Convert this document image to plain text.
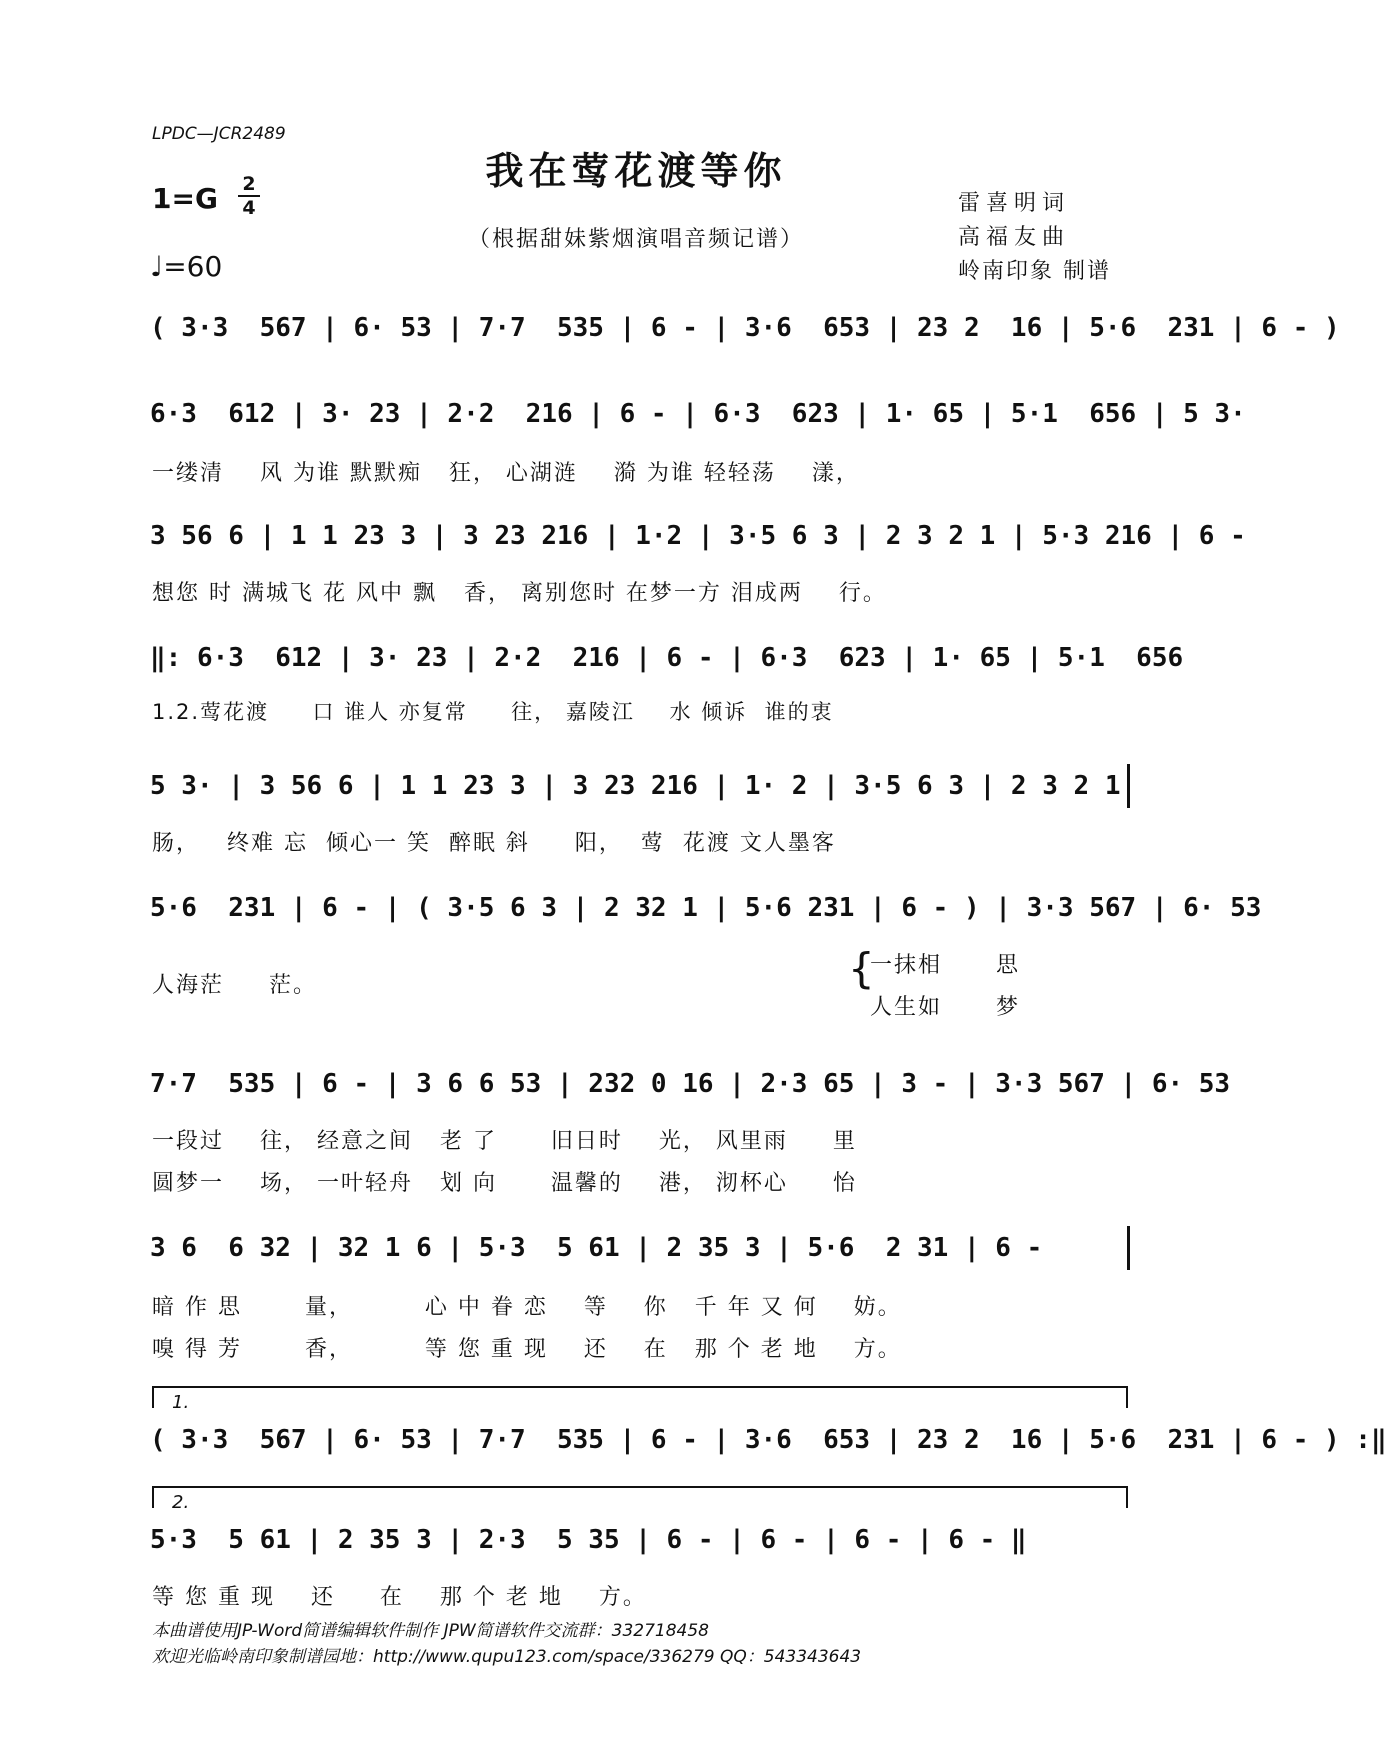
LPDC—JCR2489
我在莺花渡等你
1=G 2
4
♩=60
（根据甜妹紫烟演唱音频记谱）
雷喜明词
高福友曲
岭南印象 制谱
( 3·3  567 | 6· 53 | 7·7  535 | 6 - | 3·6  653 | 23 2  16 | 5·6  231 | 6 - )
6·3  612 | 3· 23 | 2·2  216 | 6 - | 6·3  623 | 1· 65 | 5·1  656 | 5 3·
一缕清    风 为谁 默默痴   狂， 心湖涟    漪 为谁 轻轻荡    漾，
3 56 6 | 1 1 23 3 | 3 23 216 | 1·2 | 3·5 6 3 | 2 3 2 1 | 5·3 216 | 6 -
想您 时 满城飞 花 风中 飘   香， 离别您时 在梦一方 泪成两    行。
‖: 6·3  612 | 3· 23 | 2·2  216 | 6 - | 6·3  623 | 1· 65 | 5·1  656
1.2.莺花渡     口 谁人 亦复常     往， 嘉陵江    水 倾诉  谁的衷
5 3· | 3 56 6 | 1 1 23 3 | 3 23 216 | 1· 2 | 3·5 6 3 | 2 3 2 1
肠，   终难 忘  倾心一 笑  醉眠 斜     阳，  莺  花渡 文人墨客
5·6  231 | 6 - | ( 3·5 6 3 | 2 32 1 | 5·6 231 | 6 - ) | 3·3 567 | 6· 53
人海茫     茫。	{
一抹相      思
人生如      梦
7·7  535 | 6 - | 3 6 6 53 | 232 0 16 | 2·3 65 | 3 - | 3·3 567 | 6· 53
一段过    往， 经意之间   老 了      旧日时    光， 风里雨     里
圆梦一    场， 一叶轻舟   划 向      温馨的    港， 沏杯心     怡
3 6  6 32 | 32 1 6 | 5·3  5 61 | 2 35 3 | 5·6  2 31 | 6 -
暗 作 思       量，        心 中 眷 恋    等    你   千 年 又 何    妨。
嗅 得 芳       香，        等 您 重 现    还    在   那 个 老 地    方。
1.
( 3·3  567 | 6· 53 | 7·7  535 | 6 - | 3·6  653 | 23 2  16 | 5·6  231 | 6 - ) :‖
2.
5·3  5 61 | 2 35 3 | 2·3  5 35 | 6 - | 6 - | 6 - | 6 - ‖
等 您 重 现    还     在    那 个 老 地    方。
本曲谱使用JP-Word简谱编辑软件制作 JPW简谱软件交流群：332718458
欢迎光临岭南印象制谱园地：http://www.qupu123.com/space/336279 QQ：543343643
